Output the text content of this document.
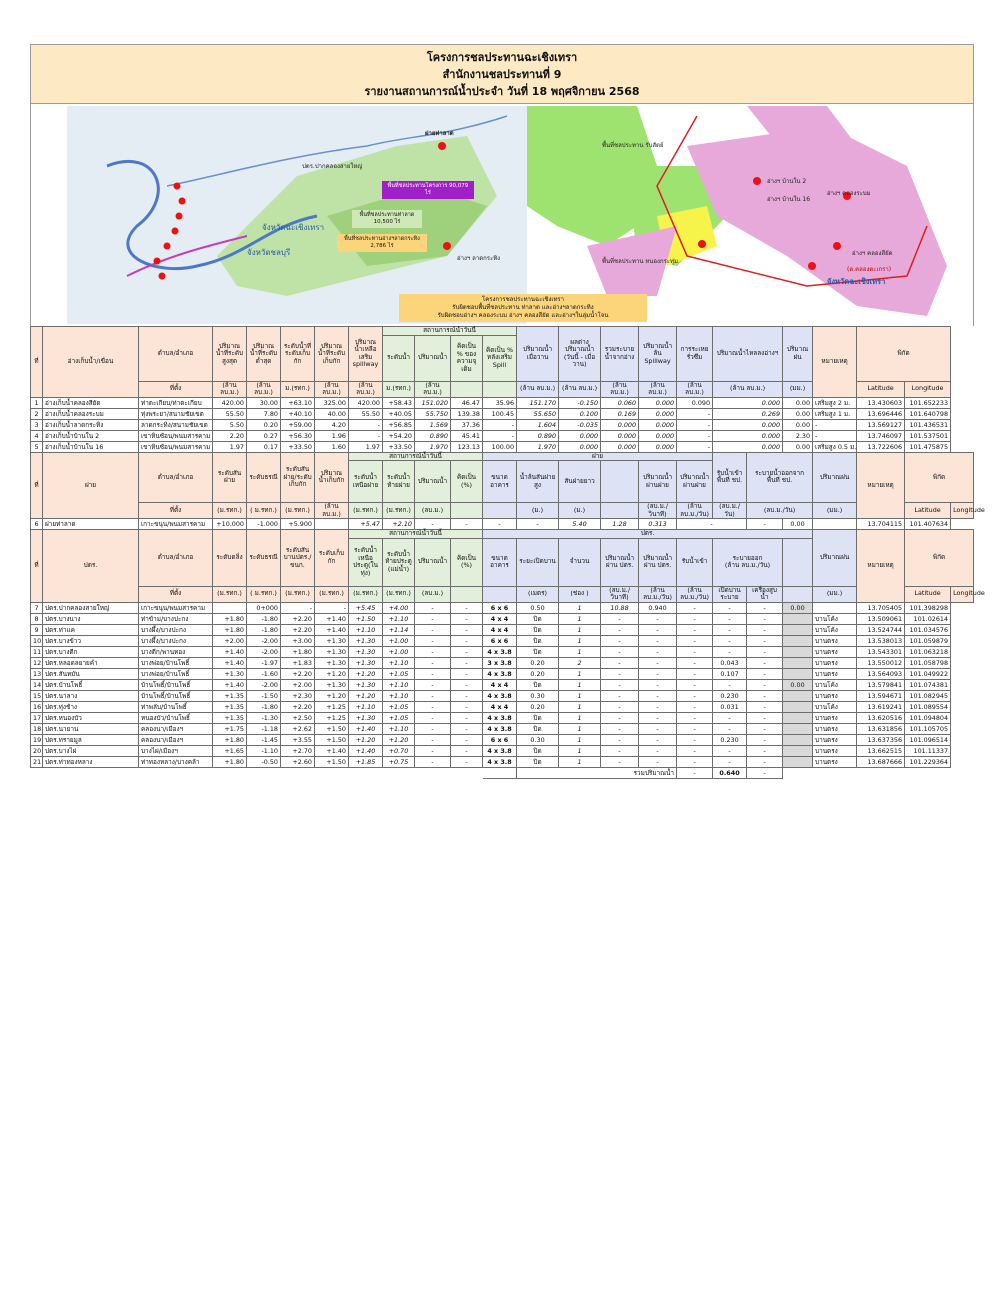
โครงการชลประทานฉะเชิงเทรา
สำนักงานชลประทานที่ 9
รายงานสถานการณ์น้ำประจำ วันที่ 18 พฤศจิกายน 2568
ฝายท่าลาด
ปตร.ปากคลองสายใหญ่
อ่างฯ ลาดกระทิง
จังหวัดฉะเชิงเทรา
จังหวัดชลบุรี
พื้นที่ชลประทานโครงการ 90,079 ไร่
พื้นที่ชลประทานท่าลาด 10,500 ไร่
พื้นที่ชลประทานอ่างฯลาดกระทิง 2,786 ไร่
พื้นที่ชลประทาน รับสัตย์
อ่างฯ บ้านใน 2
อ่างฯ คลองระบม
อ่างฯ บ้านใน 16
อ่างฯ คลองสียัด
จังหวัดฉะเชิงเทรา
(ต.คลองตะเกรา)
พื้นที่ชลประทาน หนองกระทุ่ม
โครงการชลประทานฉะเชิงเทรา
รับผิดชอบพื้นที่ชลประทาน ท่าลาด และอ่างฯลาดกระทิง
รับผิดชอบอ่างฯ คลองระบม อ่างฯ คลองสียัด และอ่างฯในลุ่มน้ำโจน
ที่	อ่างเก็บน้ำ/เขื่อน	ตำบล/อำเภอ	ปริมาณน้ำที่ระดับสูงสุด	ปริมาณน้ำที่ระดับต่ำสุด	ระดับน้ำที่ระดับเก็บกัก	ปริมาณน้ำที่ระดับเก็บกัก	ปริมาณน้ำเหลือเสริม spillway	สถานการณ์น้ำวันนี้				ปริมาณน้ำเมื่อวาน	ผลต่างปริมาณน้ำ (วันนี้ - เมื่อวาน)	รวมระบายน้ำจากอ่าง	ปริมาณน้ำล้น Spillway	การระเหย รั่วซึม	ปริมาณน้ำไหลลงอ่างฯ		ปริมาณฝน	หมายเหตุ	พิกัด		
								ระดับน้ำ	ปริมาณน้ำ	คิดเป็น % ของความจุเดิม	คิดเป็น % หลังเสริม Spill												
		ที่ตั้ง	(ล้าน ลบ.ม.)	(ล้าน ลบ.ม.)	ม.(รทก.)	(ล้าน ลบ.ม.)	(ล้าน ลบ.ม.)	ม.(รทก.)	(ล้าน ลบ.ม.)			(ล้าน ลบ.ม.)	(ล้าน ลบ.ม.)	(ล้าน ลบ.ม.)	(ล้าน ลบ.ม.)	(ล้าน ลบ.ม.)	(ล้าน ลบ.ม.)		(มม.)		Latitude	Longitude	
1	อ่างเก็บน้ำคลองสียัด	ท่าตะเกียบ/ท่าตะเกียบ	420.00	30.00	+63.10	325.00	420.00	+58.43	151.020	46.47	35.96	151.170	-0.150	0.060	0.000	0.090	0.000		0.00	เสริมสูง 2 ม.	13.430603	101.652233	
2	อ่างเก็บน้ำคลองระบม	ทุ่งพระยา/สนามชัยเขต	55.50	7.80	+40.10	40.00	55.50	+40.05	55.750	139.38	100.45	55.650	0.100	0.169	0.000	-	0.269		0.00	เสริมสูง 1 ม.	13.696446	101.640798	
3	อ่างเก็บน้ำลาดกระทิง	ลาดกระทิง/สนามชัยเขต	5.50	0.20	+59.00	4.20	-	+56.85	1.569	37.36	-	1.604	-0.035	0.000	0.000	-	0.000		0.00	-	13.569127	101.436531	
4	อ่างเก็บน้ำบ้านใน 2	เขาหินซ้อน/พนมสารคาม	2.20	0.27	+56.30	1.96	-	+54.20	0.890	45.41	-	0.890	0.000	0.000	0.000	-	0.000		2.30	-	13.746097	101.537501	
5	อ่างเก็บน้ำบ้านใน 16	เขาหินซ้อน/พนมสารคาม	1.97	0.17	+33.50	1.60	1.97	+33.50	1.970	123.13	100.00	1.970	0.000	0.000	0.000	-	0.000		0.00	เสริมสูง 0.5 ม.	13.722606	101.475875	
ที่	ฝาย	ตำบล/อำเภอ	ระดับสันฝาย	ระดับธรณี	ระดับสันฝาย/ระดับเก็บกัก	ปริมาณน้ำเก็บกัก	สถานการณ์น้ำวันนี้				ฝาย						รับน้ำเข้าพื้นที่ ชป.	ระบายน้ำออกจากพื้นที่ ชป.		ปริมาณฝน	หมายเหตุ	พิกัด	
							ระดับน้ำเหนือฝาย	ระดับน้ำท้ายฝาย	ปริมาณน้ำ	คิดเป็น (%)	ขนาด อาคาร	น้ำล้นสันฝายสูง	สันฝายยาว		ปริมาณน้ำผ่านฝาย	ปริมาณน้ำผ่านฝาย							
		ที่ตั้ง	(ม.รทก.)	( ม.รทก.)	(ม.รทก.)	(ล้าน ลบ.ม.)	(ม.รทก.)	(ม.รทก.)	(ลบ.ม.)			(ม.)	(ม.)		(ลบ.ม./วินาที)	(ล้าน ลบ.ม./วัน)	(ลบ.ม./วัน)	(ลบ.ม./วัน)		(มม.)		Latitude	Longitude
6	ฝายท่าลาด	เกาะขนุน/พนมสารคาม	+10.000	-1.000	+5.900		+5.47	+2.10	-	-	-	-	5.40	1.28	0.313	-		-	0.00		13.704115	101.407634	
ที่	ปตร.	ตำบล/อำเภอ	ระดับตลิ่ง	ระดับธรณี	ระดับสันบานปตร./ ขนก.	ระดับเก็บกัก	สถานการณ์น้ำวันนี้				ปตร.									ปริมาณฝน	หมายเหตุ	พิกัด	
							ระดับน้ำเหนือประตู(ในทุ่ง)	ระดับน้ำท้ายประตู (แม่น้ำ)	ปริมาณน้ำ	คิดเป็น (%)	ขนาด อาคาร	ระยะเปิดบาน	จำนวน	ปริมาณน้ำผ่าน ปตร.	ปริมาณน้ำผ่าน ปตร.	รับน้ำเข้า	ระบายออก
(ล้าน ลบ.ม./วัน)						
		ที่ตั้ง	(ม.รทก.)	( ม.รทก.)	(ม.รทก.)	(ม.รทก.)	(ม.รทก.)	(ม.รทก.)	(ลบ.ม.)			(เมตร)	(ช่อง )	(ลบ.ม./วินาที)	(ล้าน ลบ.ม./วัน)	(ล้าน ลบ.ม./วัน)	เปิดบานระบาย	เครื่องสูบน้ำ		(มม.)		Latitude	Longitude
7	ปตร.ปากคลองสายใหญ่	เกาะขนุน/พนมสารคาม		0+000	-	-	+5.45	+4.00	-	-	6 x 6	0.50	1	10.88	0.940	-	-	-	0.00		13.705405	101.398298	
8	ปตร.บางนาง	ท่าข้าม/บางปะกง	+1.80	-1.80	+2.20	+1.40	+1.50	+1.10	-	-	4 x 4	ปิด	1	-	-	-	-	-		บานโค้ง	13.509061	101.02614	
9	ปตร.ท่าแค	บางผึ้ง/บางปะกง	+1.80	-1.80	+2.20	+1.40	+1.10	+1.14	-	-	4 x 4	ปิด	1	-	-	-	-	-		บานโค้ง	13.524744	101.034576	
10	ปตร.บางข้าว	บางผึ้ง/บางปะกง	+2.00	-2.00	+3.00	+1.30	+1.30	+1.00	-	-	6 x 6	ปิด	1	-	-	-	-	-		บานตรง	13.538013	101.059879	
11	ปตร.บางตีก	บางตีก/พานทอง	+1.40	-2.00	+1.80	+1.30	+1.30	+1.00	-	-	4 x 3.8	ปิด	1	-	-	-	-	-		บานตรง	13.543301	101.063218	
12	ปตร.หลอดลยายคำ	บางพ่อย/บ้านโพธิ์	+1.40	-1.97	+1.83	+1.30	+1.30	+1.10	-	-	3 x 3.8	0.20	2	-	-	-	0.043	-		บานตรง	13.550012	101.058798	
13	ปตร.สันหมัน	บางพ่อย/บ้านโพธิ์	+1.30	-1.60	+2.20	+1.20	+1.20	+1.05	-	-	4 x 3.8	0.20	1	-	-	-	0.107	-		บานตรง	13.564093	101.049922	
14	ปตร.บ้านโพธิ์	บ้านโพธิ์/บ้านโพธิ์	+1.40	-2.00	+2.00	+1.30	+1.30	+1.10	-	-	4 x 4	ปิด	1	-	-	-	-	-	0.00	บานโค้ง	13.579841	101.074381	
15	ปตร.นาลาง	บ้านโพธิ์/บ้านโพธิ์	+1.35	-1.50	+2.30	+1.20	+1.20	+1.10	-	-	4 x 3.8	0.30	1	-	-	-	0.230	-		บานตรง	13.594671	101.082945	
16	ปตร.ทุ่งช้าง	ท่าพลับ/บ้านโพธิ์	+1.35	-1.80	+2.20	+1.25	+1.10	+1.05	-	-	4 x 4	0.20	1	-	-	-	0.031	-		บานโค้ง	13.619241	101.089554	
17	ปตร.หนองบัว	หนองบัว/บ้านโพธิ์	+1.35	-1.30	+2.50	+1.25	+1.30	+1.05	-	-	4 x 3.8	ปิด	1	-	-	-	-	-		บานตรง	13.620516	101.094804	
18	ปตร.นายาน	คลองนา/เมืองฯ	+1.75	-1.18	+2.62	+1.50	+1.40	+1.10	-	-	4 x 3.8	ปิด	1	-	-	-	-	-		บานตรง	13.631856	101.105705	
19	ปตร.ทรายมูล	คลองนา/เมืองฯ	+1.80	-1.45	+3.55	+1.50	+1.20	+1.20	-	-	6 x 6	0.30	1	-	-	-	0.230	-		บานตรง	13.637356	101.096514	
20	ปตร.บางไผ่	บางไผ่/เมืองฯ	+1.65	-1.10	+2.70	+1.40	+1.40	+0.70	-	-	4 x 3.8	ปิด	1	-	-	-	-	-		บานตรง	13.662515	101.11337	
21	ปตร.ท่าทองหลาง	ท่าทองหลาง/บางคล้า	+1.80	-0.50	+2.60	+1.50	+1.85	+0.75	-	-	4 x 3.8	ปิด	1	-	-	-	-	-		บานตรง	13.687666	101.229364	
												รวมปริมาณน้ำ				-	0.640	-					
